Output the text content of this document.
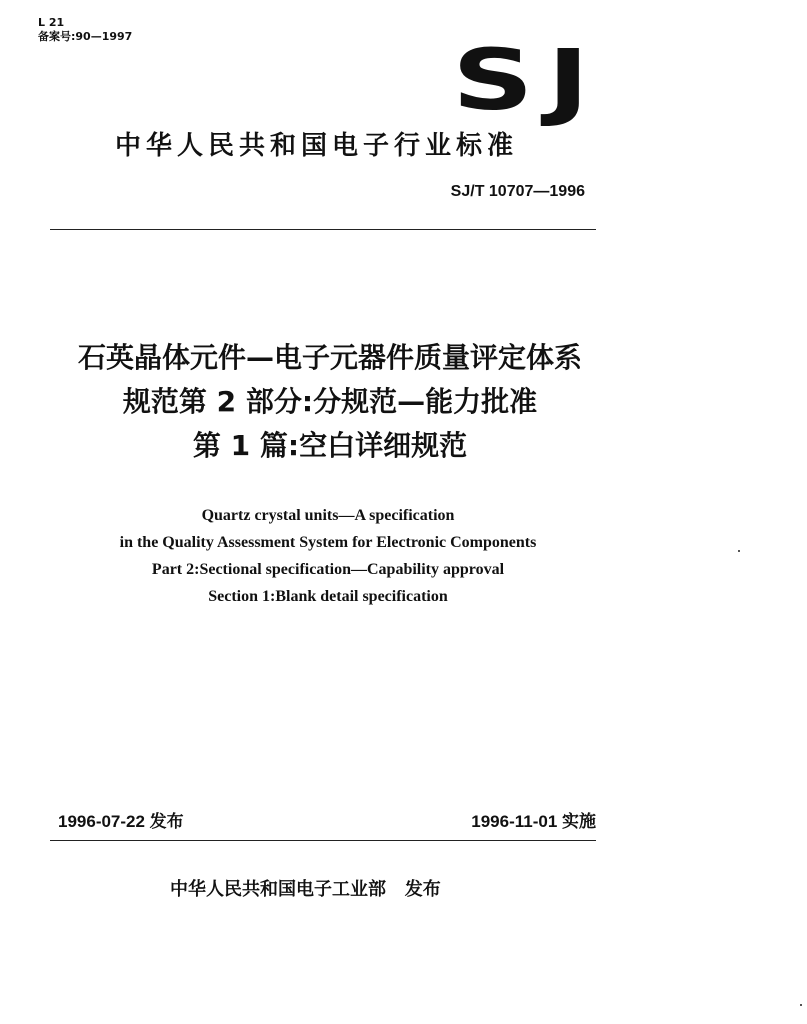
L 21
备案号:90—1997	SJ
中华人民共和国电子行业标准
SJ/T 10707—1996
石英晶体元件—电子元器件质量评定体系
规范第 2 部分:分规范—能力批准
第 1 篇:空白详细规范
Quartz crystal units—A specification
in the Quality Assessment System for Electronic Components
Part 2:Sectional specification—Capability approval
Section 1:Blank detail specification
1996-07-22 发布	1996-11-01 实施
中华人民共和国电子工业部   发布
